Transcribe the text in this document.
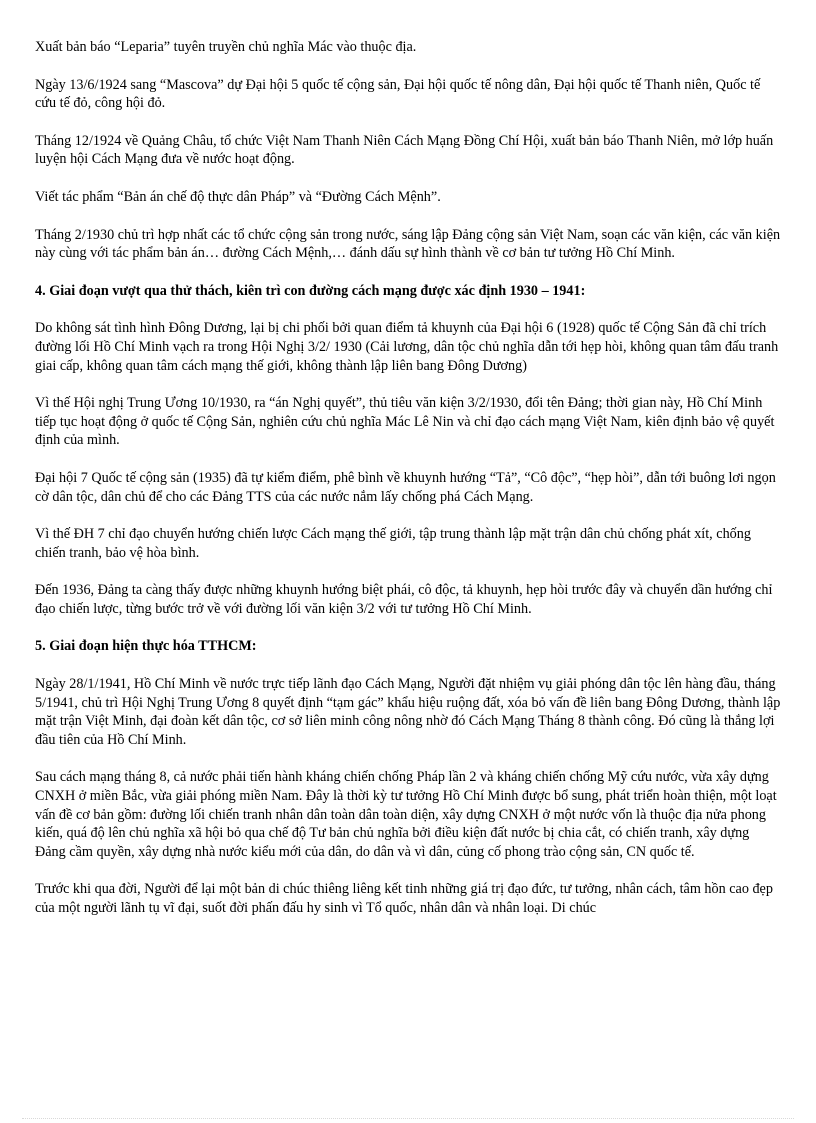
Xuất bản báo “Leparia” tuyên truyền chủ nghĩa Mác vào thuộc địa.

Ngày 13/6/1924 sang “Mascova” dự Đại hội 5 quốc tế cộng sản, Đại hội quốc tế nông dân, Đại hội quốc tế Thanh niên, Quốc tế cứu tế đỏ, công hội đỏ.

Tháng 12/1924 về Quảng Châu, tổ chức Việt Nam Thanh Niên Cách Mạng Đồng Chí Hội, xuất bản báo Thanh Niên, mở lớp huấn luyện hội Cách Mạng đưa về nước hoạt động.

Viết tác phẩm “Bản án chế độ thực dân Pháp” và “Đường Cách Mệnh”.

Tháng 2/1930 chủ trì hợp nhất các tổ chức cộng sản trong nước, sáng lập Đảng cộng sản Việt Nam, soạn các văn kiện, các văn kiện này cùng với tác phẩm bản án… đường Cách Mệnh,… đánh dấu sự hình thành về cơ bản tư tưởng Hồ Chí Minh.

4. Giai đoạn vượt qua thử thách, kiên trì con đường cách mạng được xác định 1930 – 1941:

Do không sát tình hình Đông Dương, lại bị chi phối bởi quan điểm tả khuynh của Đại hội 6 (1928) quốc tế Cộng Sản đã chỉ trích đường lối Hồ Chí Minh vạch ra trong Hội Nghị 3/2/ 1930 (Cải lương, dân tộc chủ nghĩa dẫn tới hẹp hòi, không quan tâm đấu tranh giai cấp, không quan tâm cách mạng thế giới, không thành lập liên bang Đông Dương)

Vì thế Hội nghị Trung Ương 10/1930, ra “án Nghị quyết”, thủ tiêu văn kiện 3/2/1930, đổi tên Đảng; thời gian này, Hồ Chí Minh tiếp tục hoạt động ở quốc tế Cộng Sản, nghiên cứu chủ nghĩa Mác Lê Nin và chỉ đạo cách mạng Việt Nam, kiên định bảo vệ quyết định của mình.

Đại hội 7 Quốc tế cộng sản (1935) đã tự kiểm điểm, phê bình về khuynh hướng “Tả”, “Cô độc”, “hẹp hòi”, dẫn tới buông lơi ngọn cờ dân tộc, dân chủ để cho các Đảng TTS của các nước nắm lấy chống phá Cách Mạng.

Vì thế ĐH 7 chỉ đạo chuyển hướng chiến lược Cách mạng thế giới, tập trung thành lập mặt trận dân chủ chống phát xít, chống chiến tranh, bảo vệ hòa bình.

Đến 1936, Đảng ta càng thấy được những khuynh hướng biệt phái, cô độc, tả khuynh, hẹp hòi trước đây và chuyển dần hướng chỉ đạo chiến lược, từng bước trở về với đường lối văn kiện 3/2 với tư tưởng Hồ Chí Minh.

5. Giai đoạn hiện thực hóa TTHCM:

Ngày 28/1/1941, Hồ Chí Minh về nước trực tiếp lãnh đạo Cách Mạng, Người đặt nhiệm vụ giải phóng dân tộc lên hàng đầu, tháng 5/1941, chủ trì Hội Nghị Trung Ương 8 quyết định “tạm gác” khẩu hiệu ruộng đất, xóa bỏ vấn đề liên bang Đông Dương, thành lập mặt trận Việt Minh, đại đoàn kết dân tộc, cơ sở liên minh công nông nhờ đó Cách Mạng Tháng 8 thành công. Đó cũng là thắng lợi đầu tiên của Hồ Chí Minh.

Sau cách mạng tháng 8, cả nước phải tiến hành kháng chiến chống Pháp lần 2 và kháng chiến chống Mỹ cứu nước, vừa xây dựng CNXH ở miền Bắc, vừa giải phóng miền Nam. Đây là thời kỳ tư tưởng Hồ Chí Minh được bổ sung, phát triển hoàn thiện, một loạt vấn đề cơ bản gồm: đường lối chiến tranh nhân dân toàn dân toàn diện, xây dựng CNXH ở một nước vốn là thuộc địa nửa phong kiến, quá độ lên chủ nghĩa xã hội bỏ qua chế độ Tư bản chủ nghĩa bởi điều kiện đất nước bị chia cắt, có chiến tranh, xây dựng Đảng cầm quyền, xây dựng nhà nước kiểu mới của dân, do dân và vì dân, củng cố phong trào cộng sản, CN quốc tế.

Trước khi qua đời, Người để lại một bản di chúc thiêng liêng kết tinh những giá trị đạo đức, tư tưởng, nhân cách, tâm hồn cao đẹp của một người lãnh tụ vĩ đại, suốt đời phấn đấu hy sinh vì Tổ quốc, nhân dân và nhân loại. Di chúc
